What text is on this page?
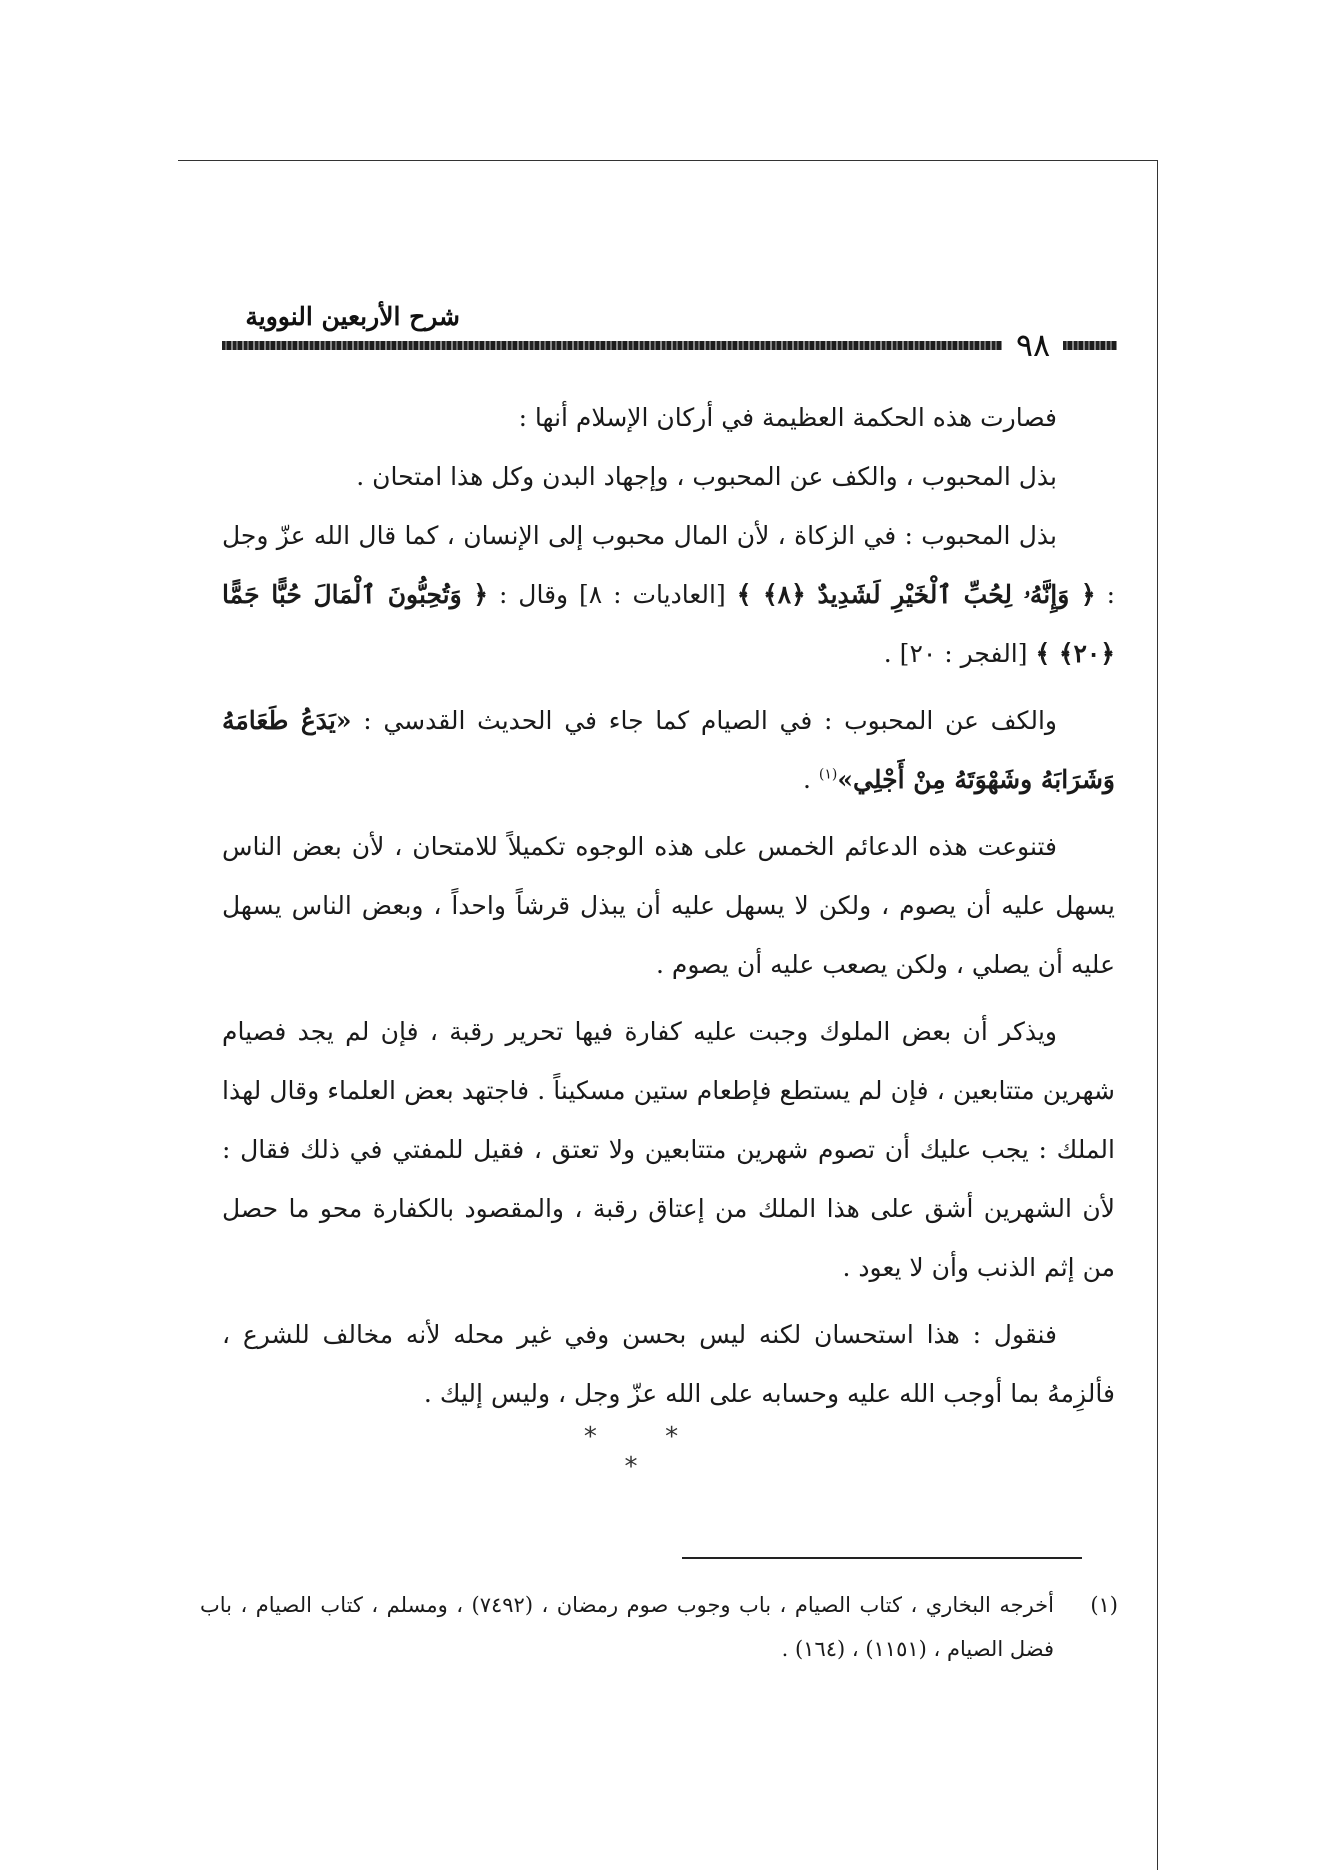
شرح الأربعين النووية
٩٨

فصارت هذه الحكمة العظيمة في أركان الإسلام أنها :

بذل المحبوب ، والكف عن المحبوب ، وإجهاد البدن وكل هذا امتحان .

بذل المحبوب : في الزكاة ، لأن المال محبوب إلى الإنسان ، كما قال الله عزّ وجل : ﴿ وَإِنَّهُۥ لِحُبِّ ٱلْخَيْرِ لَشَدِيدٌ ﴿٨﴾ ﴾ [العاديات : ٨] وقال : ﴿ وَتُحِبُّونَ ٱلْمَالَ حُبًّا جَمًّا ﴿٢٠﴾ ﴾ [الفجر : ٢٠] .

والكف عن المحبوب : في الصيام كما جاء في الحديث القدسي : «يَدَعُ طَعَامَهُ وَشَرَابَهُ وشَهْوَتَهُ مِنْ أَجْلِي»$^{(١)}$ .

فتنوعت هذه الدعائم الخمس على هذه الوجوه تكميلاً للامتحان ، لأن بعض الناس يسهل عليه أن يصوم ، ولكن لا يسهل عليه أن يبذل قرشاً واحداً ، وبعض الناس يسهل عليه أن يصلي ، ولكن يصعب عليه أن يصوم .

ويذكر أن بعض الملوك وجبت عليه كفارة فيها تحرير رقبة ، فإن لم يجد فصيام شهرين متتابعين ، فإن لم يستطع فإطعام ستين مسكيناً . فاجتهد بعض العلماء وقال لهذا الملك : يجب عليك أن تصوم شهرين متتابعين ولا تعتق ، فقيل للمفتي في ذلك فقال : لأن الشهرين أشق على هذا الملك من إعتاق رقبة ، والمقصود بالكفارة محو ما حصل من إثم الذنب وأن لا يعود .

فنقول : هذا استحسان لكنه ليس بحسن وفي غير محله لأنه مخالف للشرع ، فألزِمهُ بما أوجب الله عليه وحسابه على الله عزّ وجل ، وليس إليك .

* * *
(١)
أخرجه البخاري ، كتاب الصيام ، باب وجوب صوم رمضان ، (٧٤٩٢) ، ومسلم ، كتاب الصيام ، باب فضل الصيام ، (١١٥١) ، (١٦٤) .
